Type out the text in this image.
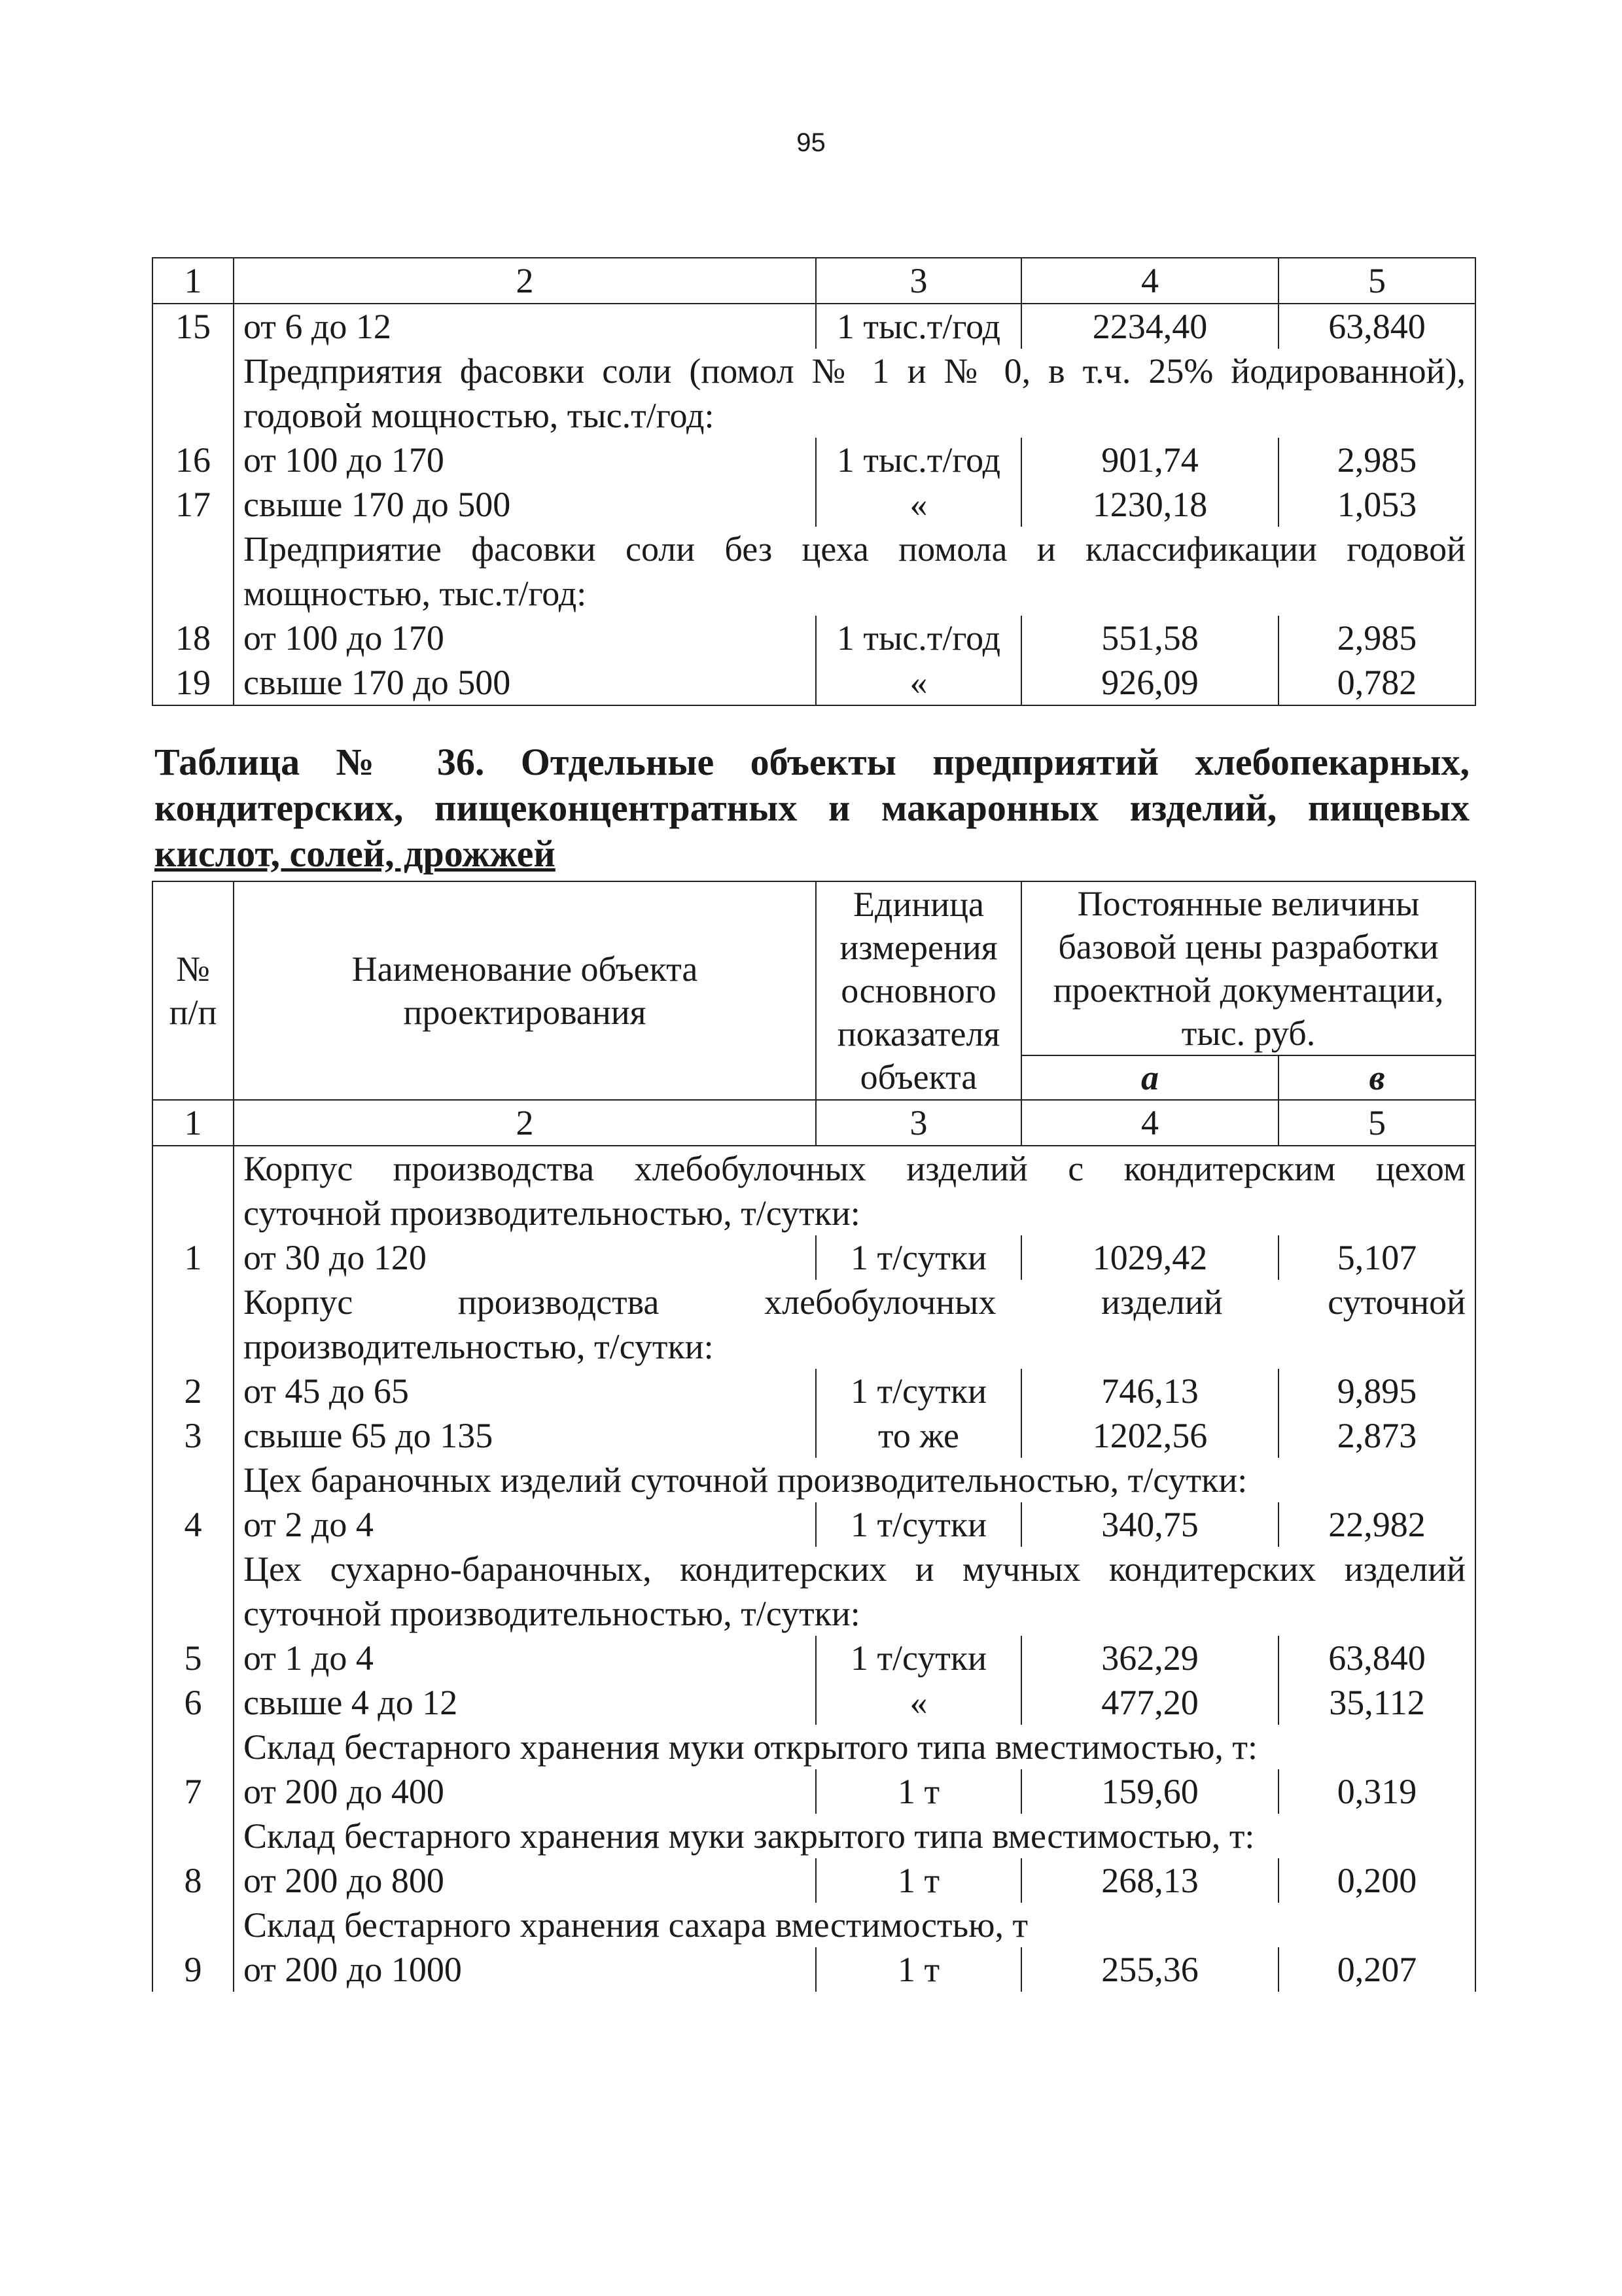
95
1	2	3	4	5
15	от 6 до 12	1 тыс.т/год	2234,40	63,840
	Предприятия фасовки соли (помол № 1 и № 0, в т.ч. 25% йодированной),			
	годовой мощностью, тыс.т/год:			
16	от 100 до 170	1 тыс.т/год	901,74	2,985
17	свыше 170 до 500	«	1230,18	1,053
	Предприятие фасовки соли без цеха помола и классификации годовой			
	мощностью, тыс.т/год:			
18	от 100 до 170	1 тыс.т/год	551,58	2,985
19	свыше 170 до 500	«	926,09	0,782
Таблица № 36. Отдельные объекты предприятий хлебопекарных,
кондитерских, пищеконцентратных и макаронных изделий, пищевых
кислот, солей, дрожжей
№ п/п	Наименование объекта проектирования	Единица измерения основного показателя объекта	Постоянные величины базовой цены разработки проектной документации, тыс. руб.	
			а	в
1	2	3	4	5
	Корпус производства хлебобулочных изделий с кондитерским цехом			
	суточной производительностью, т/сутки:			
1	от 30 до 120	1 т/сутки	1029,42	5,107
	Корпус производства хлебобулочных изделий суточной			
	производительностью, т/сутки:			
2	от 45 до 65	1 т/сутки	746,13	9,895
3	свыше 65 до 135	то же	1202,56	2,873
	Цех бараночных изделий суточной производительностью, т/сутки:			
4	от 2 до 4	1 т/сутки	340,75	22,982
	Цех сухарно-бараночных, кондитерских и мучных кондитерских изделий			
	суточной производительностью, т/сутки:			
5	от 1 до 4	1 т/сутки	362,29	63,840
6	свыше 4 до 12	«	477,20	35,112
	Склад бестарного хранения муки открытого типа вместимостью, т:			
7	от 200 до 400	1 т	159,60	0,319
	Склад бестарного хранения муки закрытого типа вместимостью, т:			
8	от 200 до 800	1 т	268,13	0,200
	Склад бестарного хранения сахара вместимостью, т			
9	от 200 до 1000	1 т	255,36	0,207
